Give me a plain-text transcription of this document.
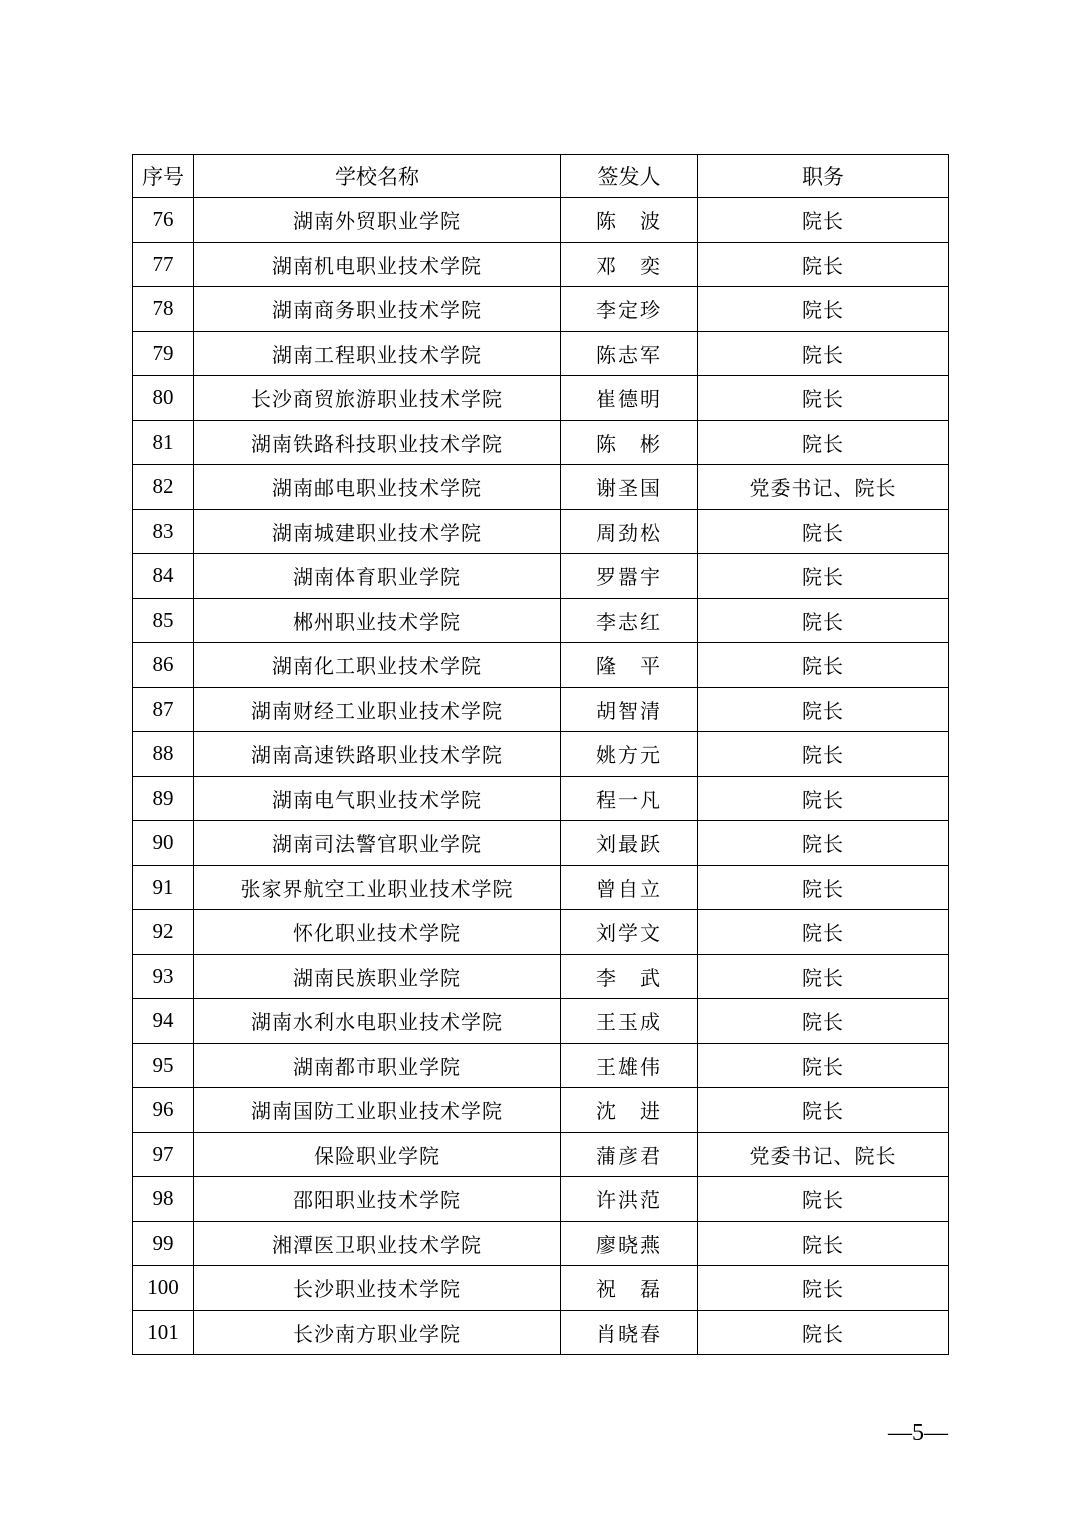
序号	学校名称	签发人	职务
76	湖南外贸职业学院	陈　波	院长
77	湖南机电职业技术学院	邓　奕	院长
78	湖南商务职业技术学院	李定珍	院长
79	湖南工程职业技术学院	陈志军	院长
80	长沙商贸旅游职业技术学院	崔德明	院长
81	湖南铁路科技职业技术学院	陈　彬	院长
82	湖南邮电职业技术学院	谢圣国	党委书记、院长
83	湖南城建职业技术学院	周劲松	院长
84	湖南体育职业学院	罗嚣宇	院长
85	郴州职业技术学院	李志红	院长
86	湖南化工职业技术学院	隆　平	院长
87	湖南财经工业职业技术学院	胡智清	院长
88	湖南高速铁路职业技术学院	姚方元	院长
89	湖南电气职业技术学院	程一凡	院长
90	湖南司法警官职业学院	刘最跃	院长
91	张家界航空工业职业技术学院	曾自立	院长
92	怀化职业技术学院	刘学文	院长
93	湖南民族职业学院	李　武	院长
94	湖南水利水电职业技术学院	王玉成	院长
95	湖南都市职业学院	王雄伟	院长
96	湖南国防工业职业技术学院	沈　进	院长
97	保险职业学院	蒲彦君	党委书记、院长
98	邵阳职业技术学院	许洪范	院长
99	湘潭医卫职业技术学院	廖晓燕	院长
100	长沙职业技术学院	祝　磊	院长
101	长沙南方职业学院	肖晓春	院长
—5—
